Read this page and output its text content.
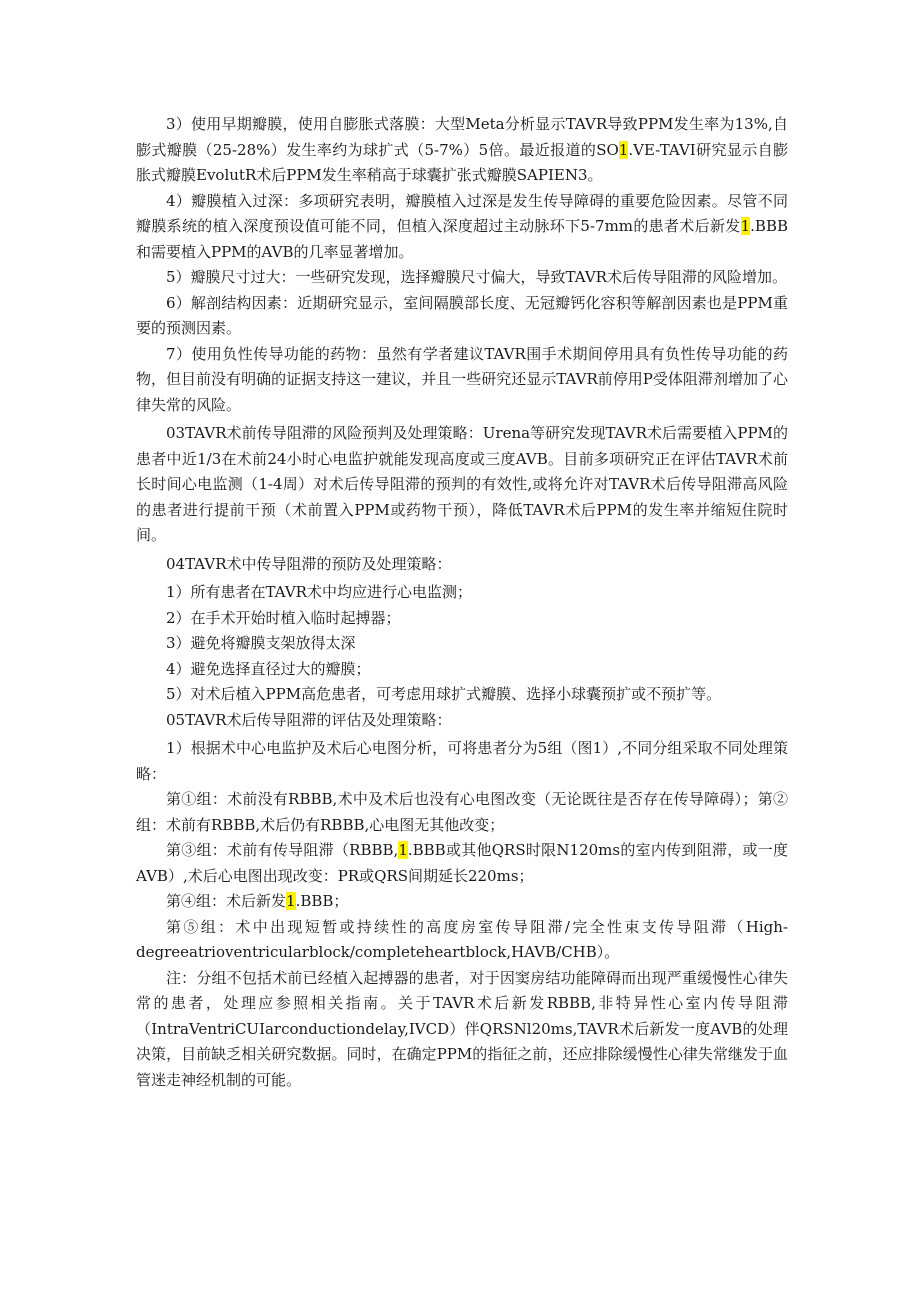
3）使用早期瓣膜，使用自膨胀式落膜：大型Meta分析显示TAVR导致PPM发生率为13%,自膨式瓣膜（25-28%）发生率约为球扩式（5-7%）5倍。最近报道的SO1.VE-TAVI研究显示自膨胀式瓣膜EvolutR术后PPM发生率稍高于球囊扩张式瓣膜SAPIEN3。

4）瓣膜植入过深：多项研究表明，瓣膜植入过深是发生传导障碍的重要危险因素。尽管不同瓣膜系统的植入深度预设值可能不同，但植入深度超过主动脉环下5-7mm的患者术后新发1.BBB和需要植入PPM的AVB的几率显著增加。

5）瓣膜尺寸过大：一些研究发现，选择瓣膜尺寸偏大，导致TAVR术后传导阻滞的风险增加。

6）解剖结构因素：近期研究显示，室间隔膜部长度、无冠瓣钙化容积等解剖因素也是PPM重要的预测因素。

7）使用负性传导功能的药物：虽然有学者建议TAVR围手术期间停用具有负性传导功能的药物，但目前没有明确的证据支持这一建议，并且一些研究还显示TAVR前停用P受体阻滞剂增加了心律失常的风险。

03TAVR术前传导阻滞的风险预判及处理策略：Urena等研究发现TAVR术后需要植入PPM的患者中近1/3在术前24小时心电监护就能发现高度或三度AVB。目前多项研究正在评估TAVR术前长时间心电监测（1-4周）对术后传导阻滞的预判的有效性,或将允许对TAVR术后传导阻滞高风险的患者进行提前干预（术前置入PPM或药物干预），降低TAVR术后PPM的发生率并缩短住院时间。

04TAVR术中传导阻滞的预防及处理策略：

1）所有患者在TAVR术中均应进行心电监测；

2）在手术开始时植入临时起搏器；

3）避免将瓣膜支架放得太深

4）避免选择直径过大的瓣膜；

5）对术后植入PPM高危患者，可考虑用球扩式瓣膜、选择小球囊预扩或不预扩等。

05TAVR术后传导阻滞的评估及处理策略：

1）根据术中心电监护及术后心电图分析，可将患者分为5组（图1）,不同分组采取不同处理策略：

第①组：术前没有RBBB,术中及术后也没有心电图改变（无论既往是否存在传导障碍）；第②组：术前有RBBB,术后仍有RBBB,心电图无其他改变；

第③组：术前有传导阻滞（RBBB,1.BBB或其他QRS时限N120ms的室内传到阻滞，或一度AVB）,术后心电图出现改变：PR或QRS间期延长220ms；

第④组：术后新发1.BBB；

第⑤组：术中出现短暂或持续性的高度房室传导阻滞/完全性束支传导阻滞（High-degreeatrioventricularblock/completeheartblock,HAVB/CHB）。

注：分组不包括术前已经植入起搏器的患者，对于因窦房结功能障碍而出现严重缓慢性心律失常的患者，处理应参照相关指南。关于TAVR术后新发RBBB,非特异性心室内传导阻滞（IntraVentriCUIarconductiondelay,IVCD）伴QRSNl20ms,TAVR术后新发一度AVB的处理决策，目前缺乏相关研究数据。同时，在确定PPM的指征之前，还应排除缓慢性心律失常继发于血管迷走神经机制的可能。
